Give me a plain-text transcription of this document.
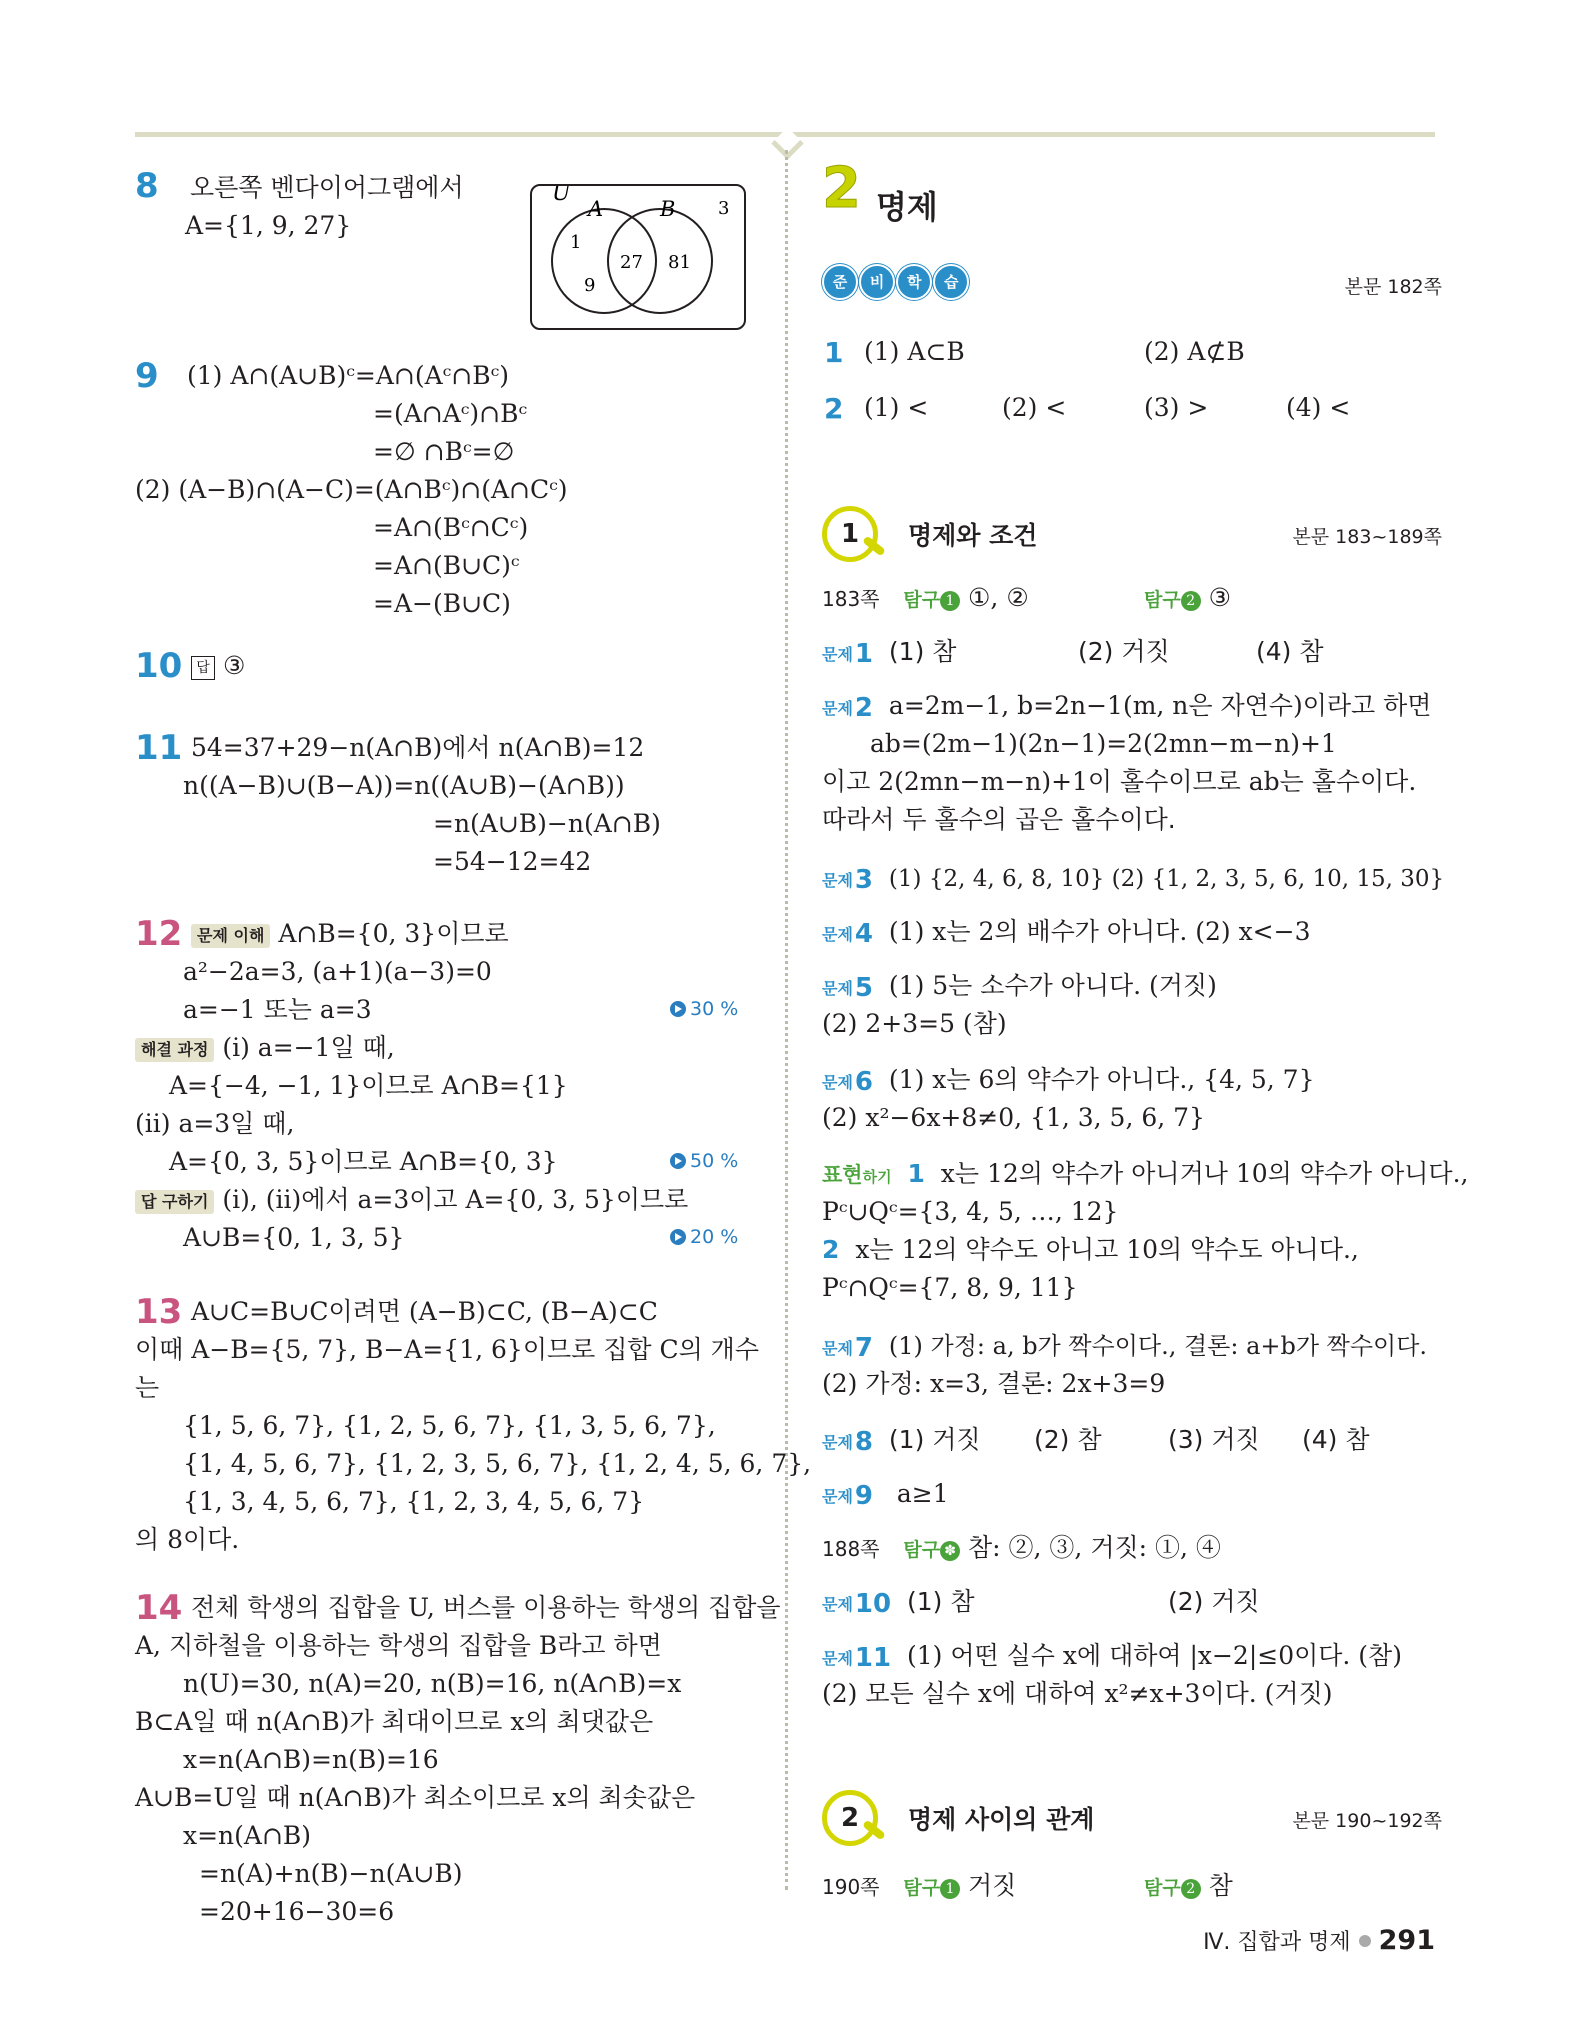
8 오른쪽 벤다이어그램에서
A={1, 9, 27}
U
A	B
1
9
27 81
3
9 (1) A∩(A∪B)ᶜ=A∩(Aᶜ∩Bᶜ)
=(A∩Aᶜ)∩Bᶜ
=∅ ∩Bᶜ=∅
(2) (A−B)∩(A−C)=(A∩Bᶜ)∩(A∩Cᶜ)
=A∩(Bᶜ∩Cᶜ)
=A∩(B∪C)ᶜ
=A−(B∪C)
10 답 ③
11 54=37+29−n(A∩B)에서 n(A∩B)=12
n((A−B)∪(B−A))=n((A∪B)−(A∩B))
=n(A∪B)−n(A∩B)
=54−12=42
12 문제 이해 A∩B={0, 3}이므로
a²−2a=3, (a+1)(a−3)=0
a=−1 또는 a=3	30 %
해결 과정 (i) a=−1일 때,
A={−4, −1, 1}이므로 A∩B={1}
(ii) a=3일 때,
A={0, 3, 5}이므로 A∩B={0, 3}	50 %
답 구하기 (i), (ii)에서 a=3이고 A={0, 3, 5}이므로
A∪B={0, 1, 3, 5}	20 %
13 A∪C=B∪C이려면 (A−B)⊂C, (B−A)⊂C
이때 A−B={5, 7}, B−A={1, 6}이므로 집합 C의 개수
는
{1, 5, 6, 7}, {1, 2, 5, 6, 7}, {1, 3, 5, 6, 7},
{1, 4, 5, 6, 7}, {1, 2, 3, 5, 6, 7}, {1, 2, 4, 5, 6, 7},
{1, 3, 4, 5, 6, 7}, {1, 2, 3, 4, 5, 6, 7}
의 8이다.
14 전체 학생의 집합을 U, 버스를 이용하는 학생의 집합을
A, 지하철을 이용하는 학생의 집합을 B라고 하면
n(U)=30, n(A)=20, n(B)=16, n(A∩B)=x
B⊂A일 때 n(A∩B)가 최대이므로 x의 최댓값은
x=n(A∩B)=n(B)=16
A∪B=U일 때 n(A∩B)가 최소이므로 x의 최솟값은
x=n(A∩B)
=n(A)+n(B)−n(A∪B)
=20+16−30=6
2 명제
준 비 학 습	본문 182쪽
1 (1) A⊂B	(2) A⊄B
2 (1) <	(2) <	(3) >	(4) <
1	명제와 조건	본문 183~189쪽
183쪽 탐구 1 ①, ②	탐구 2 ③
문제1 (1) 참	(2) 거짓	(4) 참
문제2 a=2m−1, b=2n−1(m, n은 자연수)이라고 하면
ab=(2m−1)(2n−1)=2(2mn−m−n)+1
이고 2(2mn−m−n)+1이 홀수이므로 ab는 홀수이다.
따라서 두 홀수의 곱은 홀수이다.
문제3 (1) {2, 4, 6, 8, 10} (2) {1, 2, 3, 5, 6, 10, 15, 30}
문제4 (1) x는 2의 배수가 아니다. (2) x<−3
문제5 (1) 5는 소수가 아니다. (거짓)
(2) 2+3=5 (참)
문제6 (1) x는 6의 약수가 아니다., {4, 5, 7}
(2) x²−6x+8≠0, {1, 3, 5, 6, 7}
표현하기 1 x는 12의 약수가 아니거나 10의 약수가 아니다.,
Pᶜ∪Qᶜ={3, 4, 5, …, 12}
2 x는 12의 약수도 아니고 10의 약수도 아니다.,
Pᶜ∩Qᶜ={7, 8, 9, 11}
문제7 (1) 가정: a, b가 짝수이다., 결론: a+b가 짝수이다.
(2) 가정: x=3, 결론: 2x+3=9
문제8 (1) 거짓 (2) 참	(3) 거짓 (4) 참
문제9 a≥1
188쪽 탐구 ✽ 참: ②, ③, 거짓: ①, ④
문제10 (1) 참	(2) 거짓
문제11 (1) 어떤 실수 x에 대하여 |x−2|≤0이다. (참)
(2) 모든 실수 x에 대하여 x²≠x+3이다. (거짓)
2	명제 사이의 관계	본문 190~192쪽
190쪽 탐구 1 거짓	탐구 2 참
Ⅳ. 집합과 명제 291
